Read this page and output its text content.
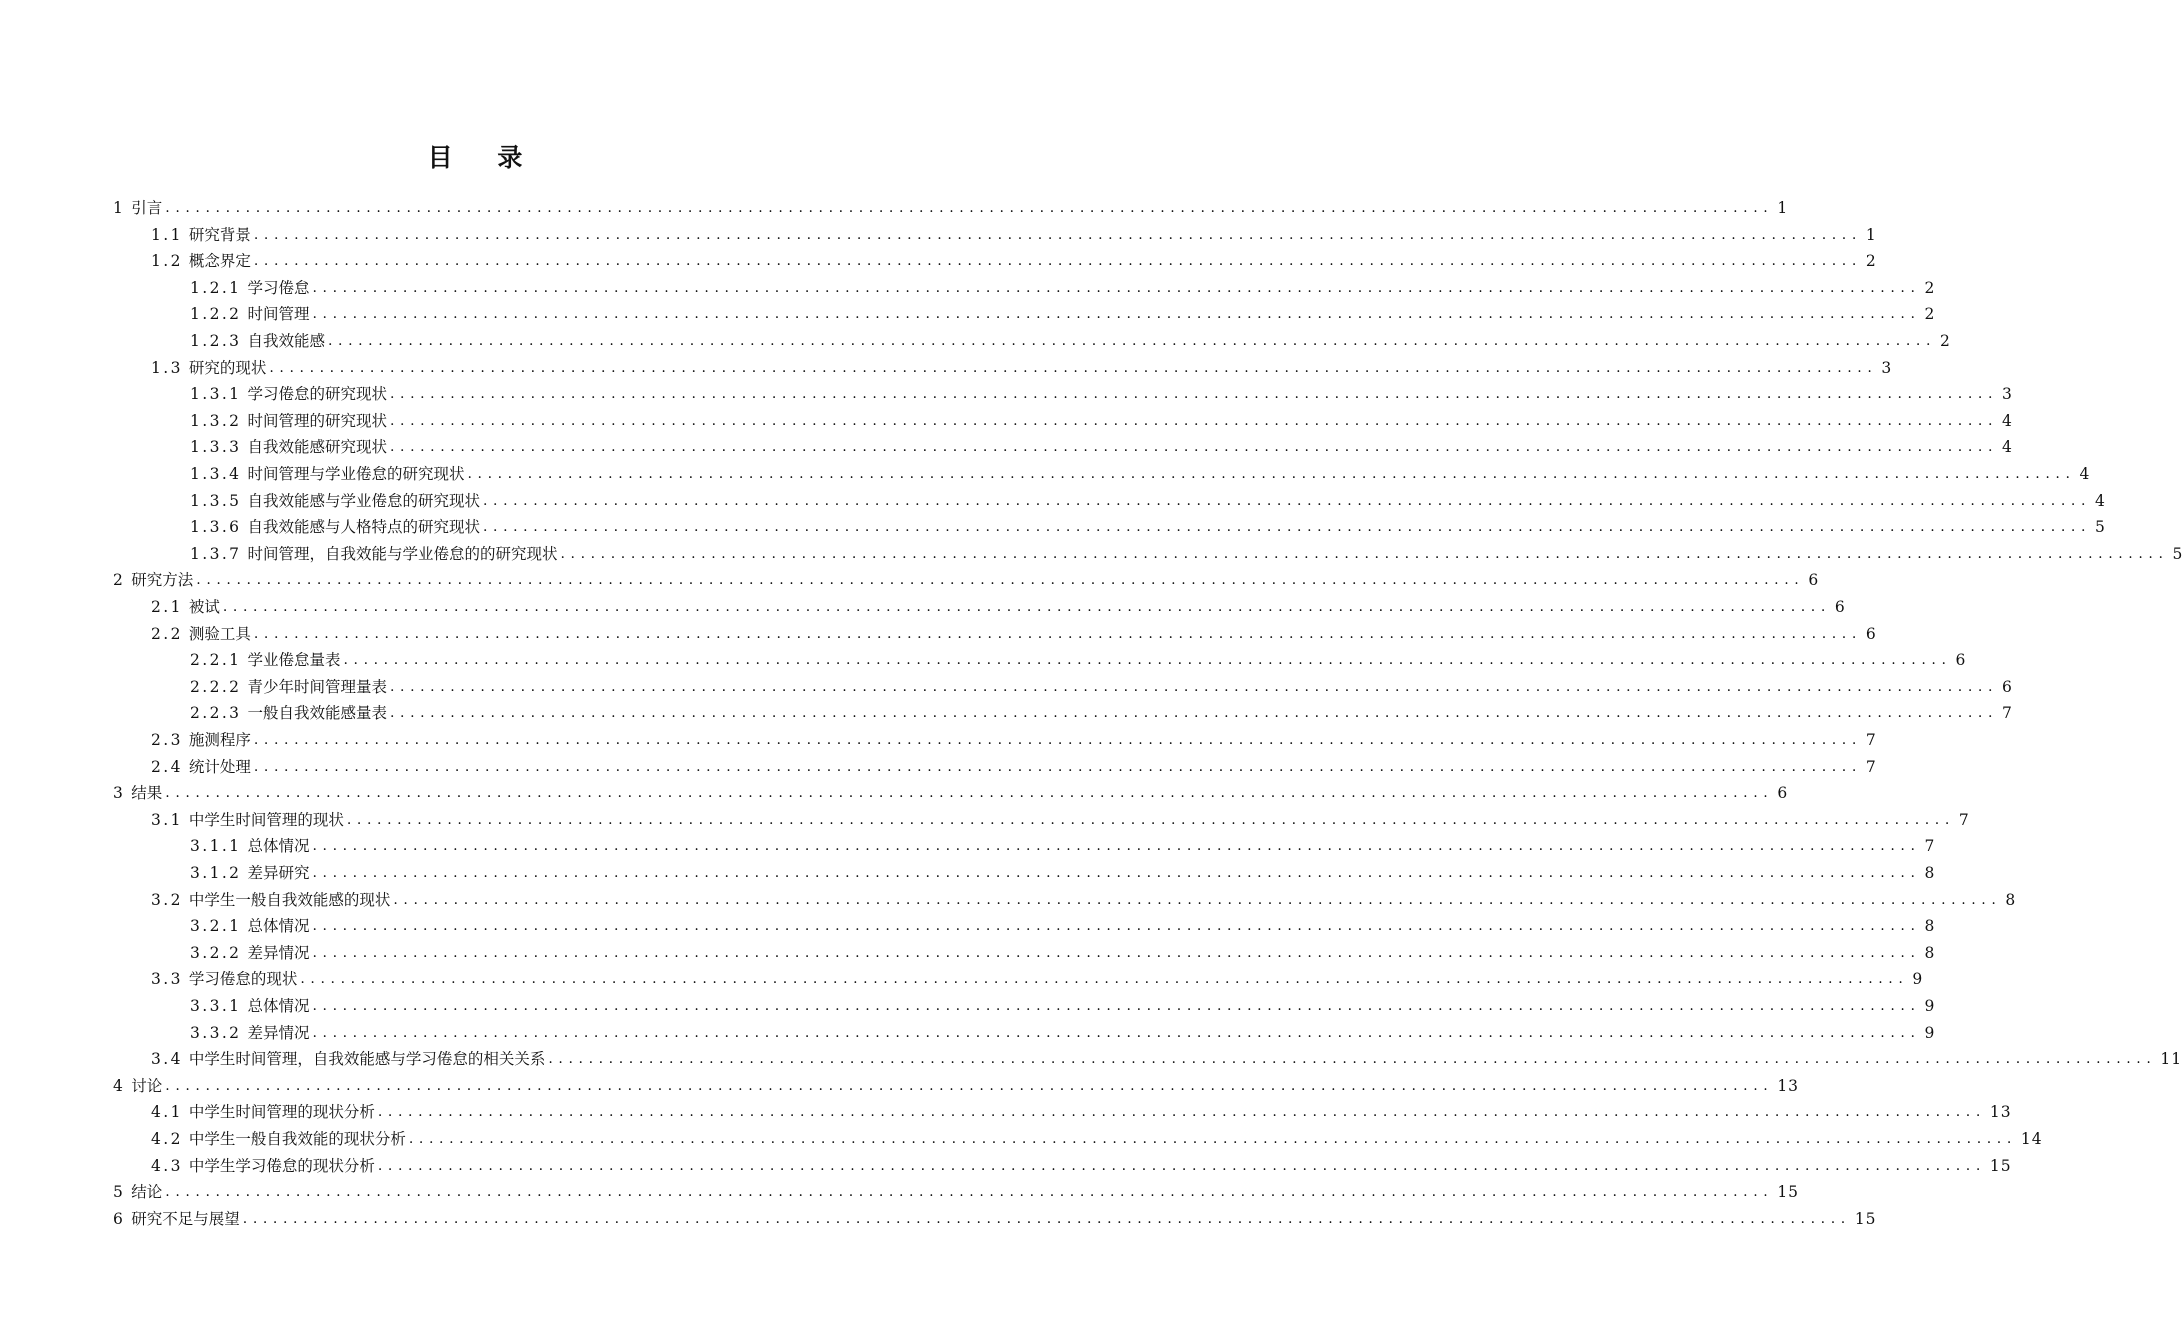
目 录
1 引言 ................................................................................................................................................................ 1
1.1 研究背景 ................................................................................................................................................................ 1
1.2 概念界定 ................................................................................................................................................................ 2
1.2.1 学习倦怠 ................................................................................................................................................................ 2
1.2.2 时间管理 ................................................................................................................................................................ 2
1.2.3 自我效能感 ................................................................................................................................................................ 2
1.3 研究的现状 ................................................................................................................................................................ 3
1.3.1 学习倦怠的研究现状 ................................................................................................................................................................ 3
1.3.2 时间管理的研究现状 ................................................................................................................................................................ 4
1.3.3 自我效能感研究现状 ................................................................................................................................................................ 4
1.3.4 时间管理与学业倦怠的研究现状 ................................................................................................................................................................ 4
1.3.5 自我效能感与学业倦怠的研究现状 ................................................................................................................................................................ 4
1.3.6 自我效能感与人格特点的研究现状 ................................................................................................................................................................ 5
1.3.7 时间管理，自我效能与学业倦怠的的研究现状 ................................................................................................................................................................ 5
2 研究方法 ................................................................................................................................................................ 6
2.1 被试 ................................................................................................................................................................ 6
2.2 测验工具 ................................................................................................................................................................ 6
2.2.1 学业倦怠量表 ................................................................................................................................................................ 6
2.2.2 青少年时间管理量表 ................................................................................................................................................................ 6
2.2.3 一般自我效能感量表 ................................................................................................................................................................ 7
2.3 施测程序 ................................................................................................................................................................ 7
2.4 统计处理 ................................................................................................................................................................ 7
3 结果 ................................................................................................................................................................ 6
3.1 中学生时间管理的现状 ................................................................................................................................................................ 7
3.1.1 总体情况 ................................................................................................................................................................ 7
3.1.2 差异研究 ................................................................................................................................................................ 8
3.2 中学生一般自我效能感的现状 ................................................................................................................................................................ 8
3.2.1 总体情况 ................................................................................................................................................................ 8
3.2.2 差异情况 ................................................................................................................................................................ 8
3.3 学习倦怠的现状 ................................................................................................................................................................ 9
3.3.1 总体情况 ................................................................................................................................................................ 9
3.3.2 差异情况 ................................................................................................................................................................ 9
3.4 中学生时间管理，自我效能感与学习倦怠的相关关系 ................................................................................................................................................................ 11
4 讨论 ................................................................................................................................................................ 13
4.1 中学生时间管理的现状分析 ................................................................................................................................................................ 13
4.2 中学生一般自我效能的现状分析 ................................................................................................................................................................ 14
4.3 中学生学习倦怠的现状分析 ................................................................................................................................................................ 15
5 结论 ................................................................................................................................................................ 15
6 研究不足与展望 ................................................................................................................................................................ 15
